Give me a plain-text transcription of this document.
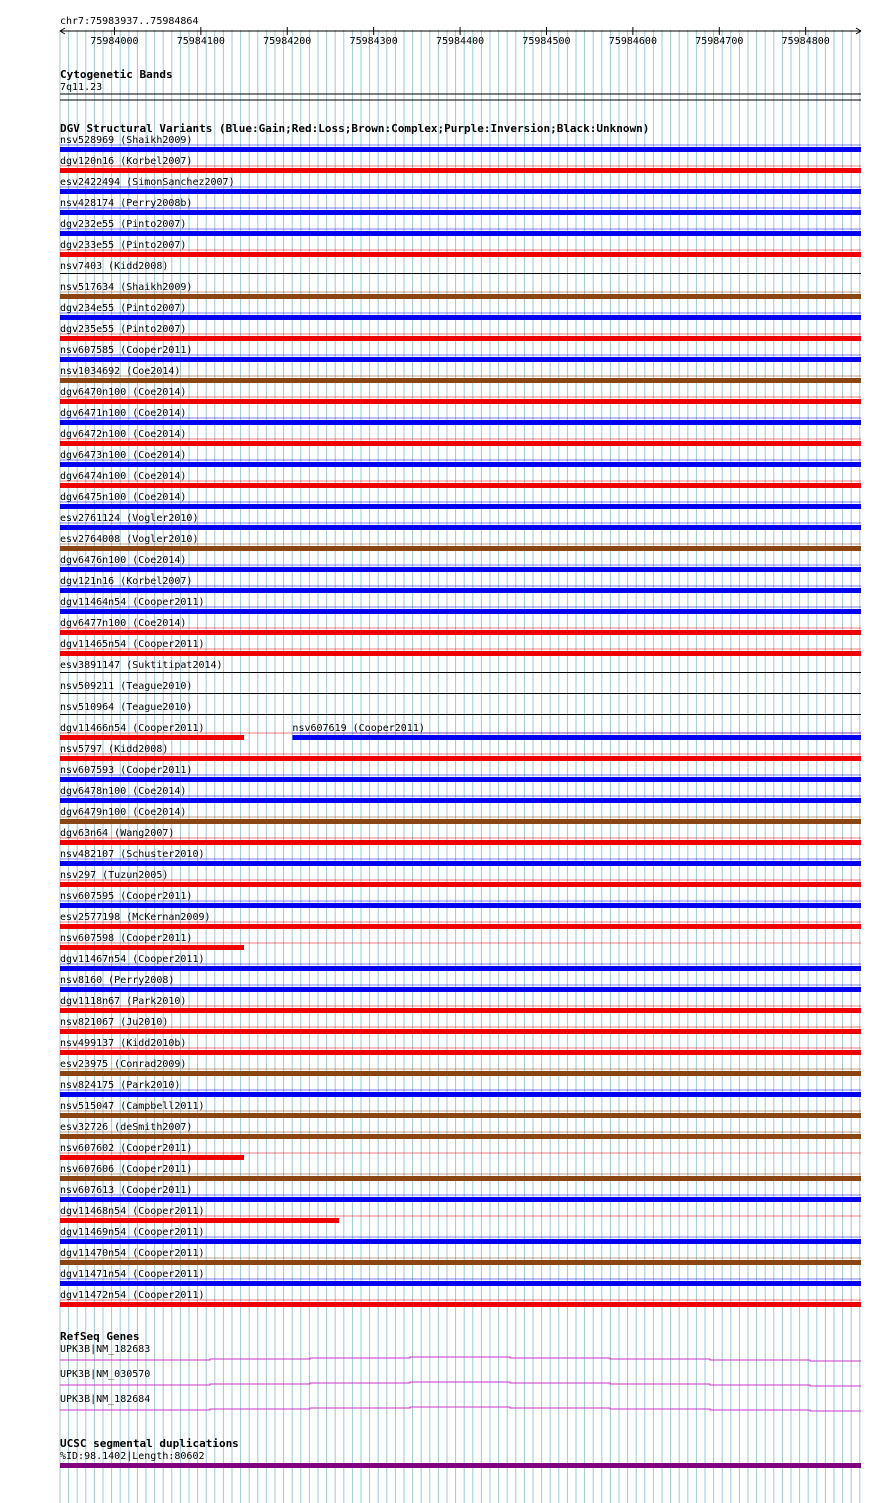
chr7:75983937..75984864
75984000	75984100	75984200	75984300	75984400	75984500	75984600	75984700	75984800
Cytogenetic Bands
7q11.23
DGV Structural Variants (Blue:Gain;Red:Loss;Brown:Complex;Purple:Inversion;Black:Unknown)
nsv528969 (Shaikh2009)
dgv120n16 (Korbel2007)
esv2422494 (SimonSanchez2007)
nsv428174 (Perry2008b)
dgv232e55 (Pinto2007)
dgv233e55 (Pinto2007)
nsv7403 (Kidd2008)
nsv517634 (Shaikh2009)
dgv234e55 (Pinto2007)
dgv235e55 (Pinto2007)
nsv607585 (Cooper2011)
nsv1034692 (Coe2014)
dgv6470n100 (Coe2014)
dgv6471n100 (Coe2014)
dgv6472n100 (Coe2014)
dgv6473n100 (Coe2014)
dgv6474n100 (Coe2014)
dgv6475n100 (Coe2014)
esv2761124 (Vogler2010)
esv2764008 (Vogler2010)
dgv6476n100 (Coe2014)
dgv121n16 (Korbel2007)
dgv11464n54 (Cooper2011)
dgv6477n100 (Coe2014)
dgv11465n54 (Cooper2011)
esv3891147 (Suktitipat2014)
nsv509211 (Teague2010)
nsv510964 (Teague2010)
dgv11466n54 (Cooper2011)	nsv607619 (Cooper2011)
nsv5797 (Kidd2008)
nsv607593 (Cooper2011)
dgv6478n100 (Coe2014)
dgv6479n100 (Coe2014)
dgv63n64 (Wang2007)
nsv482107 (Schuster2010)
nsv297 (Tuzun2005)
nsv607595 (Cooper2011)
esv2577198 (McKernan2009)
nsv607598 (Cooper2011)
dgv11467n54 (Cooper2011)
nsv8160 (Perry2008)
dgv1118n67 (Park2010)
nsv821067 (Ju2010)
nsv499137 (Kidd2010b)
esv23975 (Conrad2009)
nsv824175 (Park2010)
nsv515047 (Campbell2011)
esv32726 (deSmith2007)
nsv607602 (Cooper2011)
nsv607606 (Cooper2011)
nsv607613 (Cooper2011)
dgv11468n54 (Cooper2011)
dgv11469n54 (Cooper2011)
dgv11470n54 (Cooper2011)
dgv11471n54 (Cooper2011)
dgv11472n54 (Cooper2011)
RefSeq Genes
UPK3B|NM_182683
UPK3B|NM_030570
UPK3B|NM_182684
UCSC segmental duplications
%ID:98.1402|Length:80602
